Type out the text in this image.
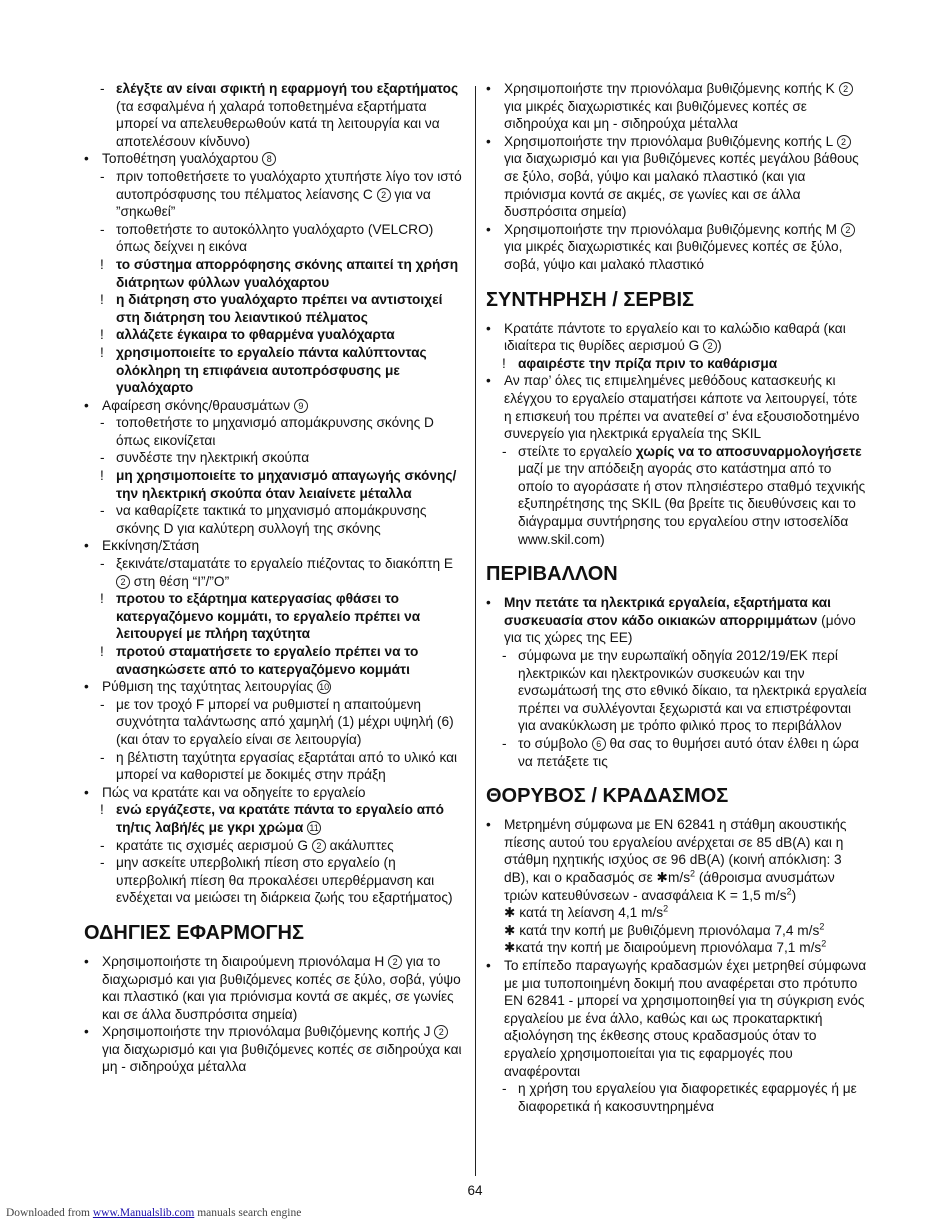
- ελέγξτε αν είναι σφικτή η εφαρμογή του εξαρτήματος (τα εσφαλμένα ή χαλαρά τοποθετημένα εξαρτήματα μπορεί να απελευθερωθούν κατά τη λειτουργία και να αποτελέσουν κίνδυνο)
• Τοποθέτηση γυαλόχαρτου 8
- πριν τοποθετήσετε το γυαλόχαρτο χτυπήστε λίγο τον ιστό αυτοπρόσφυσης του πέλματος λείανσης C 2 για να ”σηκωθεί”
- τοποθετήστε το αυτοκόλλητο γυαλόχαρτο (VELCRO) όπως δείχνει η εικόνα
! το σύστημα απορρόφησης σκόνης απαιτεί τη χρήση διάτρητων φύλλων γυαλόχαρτου
! η διάτρηση στο γυαλόχαρτο πρέπει να αντιστοιχεί στη διάτρηση του λειαντικού πέλματος
! αλλάζετε έγκαιρα το φθαρμένα γυαλόχαρτα
! χρησιμοποιείτε το εργαλείο πάντα καλύπτοντας ολόκληρη τη επιφάνεια αυτοπρόσφυσης με γυαλόχαρτο
• Αφαίρεση σκόνης/θραυσμάτων 9
- τοποθετήστε το μηχανισμό απομάκρυνσης σκόνης D όπως εικονίζεται
- συνδέστε την ηλεκτρική σκούπα
! μη χρησιμοποιείτε το μηχανισμό απαγωγής σκόνης/την ηλεκτρική σκούπα όταν λειαίνετε μέταλλα
- να καθαρίζετε τακτικά το μηχανισμό απομάκρυνσης σκόνης D για καλύτερη συλλογή της σκόνης
• Εκκίνηση/Στάση
- ξεκινάτε/σταματάτε το εργαλείο πιέζοντας το διακόπτη E 2 στη θέση “I”/”O”
! προτου το εξάρτημα κατεργασίας φθάσει το κατεργαζόμενο κομμάτι, το εργαλείο πρέπει να λειτουργεί με πλήρη ταχύτητα
! προτού σταματήσετε το εργαλείο πρέπει να το ανασηκώσετε από το κατεργαζόμενο κομμάτι
• Ρύθμιση της ταχύτητας λειτουργίας 10
- με τον τροχό F μπορεί να ρυθμιστεί η απαιτούμενη συχνότητα ταλάντωσης από χαμηλή (1) μέχρι υψηλή (6) (και όταν το εργαλείο είναι σε λειτουργία)
- η βέλτιστη ταχύτητα εργασίας εξαρτάται από το υλικό και μπορεί να καθοριστεί με δοκιμές στην πράξη
• Πώς να κρατάτε και να οδηγείτε το εργαλείο
! ενώ εργάζεστε, να κρατάτε πάντα το εργαλείο από τη/τις λαβή/ές με γκρι χρώμα 11
- κρατάτε τις σχισμές αερισμού G 2 ακάλυπτες
- μην ασκείτε υπερβολική πίεση στο εργαλείο (η υπερβολική πίεση θα προκαλέσει υπερθέρμανση και ενδέχεται να μειώσει τη διάρκεια ζωής του εξαρτήματος)
ΟΔΗΓΙΕΣ ΕΦΑΡΜΟΓΗΣ
• Χρησιμοποιήστε τη διαιρούμενη πριονόλαμα H 2 για το διαχωρισμό και για βυθιζόμενες κοπές σε ξύλο, σοβά, γύψο και πλαστικό (και για πριόνισμα κοντά σε ακμές, σε γωνίες και σε άλλα δυσπρόσιτα σημεία)
• Χρησιμοποιήστε την πριονόλαμα βυθιζόμενης κοπής J 2 για διαχωρισμό και για βυθιζόμενες κοπές σε σιδηρούχα και μη - σιδηρούχα μέταλλα
• Χρησιμοποιήστε την πριονόλαμα βυθιζόμενης κοπής K 2 για μικρές διαχωριστικές και βυθιζόμενες κοπές σε σιδηρούχα και μη - σιδηρούχα μέταλλα
• Χρησιμοποιήστε την πριονόλαμα βυθιζόμενης κοπής L 2 για διαχωρισμό και για βυθιζόμενες κοπές μεγάλου βάθους σε ξύλο, σοβά, γύψο και μαλακό πλαστικό (και για πριόνισμα κοντά σε ακμές, σε γωνίες και σε άλλα δυσπρόσιτα σημεία)
• Χρησιμοποιήστε την πριονόλαμα βυθιζόμενης κοπής M 2 για μικρές διαχωριστικές και βυθιζόμενες κοπές σε ξύλο, σοβά, γύψο και μαλακό πλαστικό
ΣΥΝΤΗΡΗΣΗ / ΣΕΡΒΙΣ
• Κρατάτε πάντοτε το εργαλείο και το καλώδιο καθαρά (και ιδιαίτερα τις θυρίδες αερισμού G 2 )
! αφαιρέστε την πρίζα πριν το καθάρισμα
• Αν παρ’ όλες τις επιμελημένες μεθόδους κατασκευής κι ελέγχου το εργαλείο σταματήσει κάποτε να λειτουργεί, τότε η επισκευή του πρέπει να ανατεθεί σ’ ένα εξουσιοδοτημένο συνεργείο για ηλεκτρικά εργαλεία της SKIL
- στείλτε το εργαλείο χωρίς να το αποσυναρμολογήσετε μαζί με την απόδειξη αγοράς στο κατάστημα από το οποίο το αγοράσατε ή στον πλησιέστερο σταθμό τεχνικής εξυπηρέτησης της SKIL (θα βρείτε τις διευθύνσεις και το διάγραμμα συντήρησης του εργαλείου στην ιστοσελίδα www.skil.com)
ΠΕΡΙΒΑΛΛΟΝ
• Μην πετάτε τα ηλεκτρικά εργαλεία, εξαρτήματα και συσκευασία στον κάδο οικιακών απορριμμάτων (μόνο για τις χώρες της ΕΕ)
- σύμφωνα με την ευρωπαϊκή οδηγία 2012/19/ΕΚ περί ηλεκτρικών και ηλεκτρονικών συσκευών και την ενσωμάτωσή της στο εθνικό δίκαιο, τα ηλεκτρικά εργαλεία πρέπει να συλλέγονται ξεχωριστά και να επιστρέφονται για ανακύκλωση με τρόπο φιλικό προς το περιβάλλον
- το σύμβολο 6 θα σας το θυμήσει αυτό όταν έλθει η ώρα να πετάξετε τις
ΘΟΡΥΒΟΣ / ΚΡΑΔΑΣΜΟΣ
• Μετρημένη σύμφωνα με EN 62841 η στάθμη ακουστικής πίεσης αυτού του εργαλείου ανέρχεται σε 85 dB(A) και η στάθμη ηχητικής ισχύος σε 96 dB(A) (κοινή απόκλιση: 3 dB), και ο κραδασμός σε $✱m/s^2$ (άθροισμα ανυσμάτων τριών κατευθύνσεων - ανασφάλεια K = 1,5 $m/s^2$)
✱ κατά τη λείανση 4,1 $m/s^2$
✱ κατά την κοπή με βυθιζόμενη πριονόλαμα 7,4 $m/s^2$
✱κατά την κοπή με διαιρούμενη πριονόλαμα 7,1 $m/s^2$
• Το επίπεδο παραγωγής κραδασμών έχει μετρηθεί σύμφωνα με μια τυποποιημένη δοκιμή που αναφέρεται στο πρότυπο EN 62841 - μπορεί να χρησιμοποιηθεί για τη σύγκριση ενός εργαλείου με ένα άλλο, καθώς και ως προκαταρκτική αξιολόγηση της έκθεσης στους κραδασμούς όταν το εργαλείο χρησιμοποιείται για τις εφαρμογές που αναφέρονται
- η χρήση του εργαλείου για διαφορετικές εφαρμογές ή με διαφορετικά ή κακοσυντηρημένα
64
Downloaded from www.Manualslib.com manuals search engine
